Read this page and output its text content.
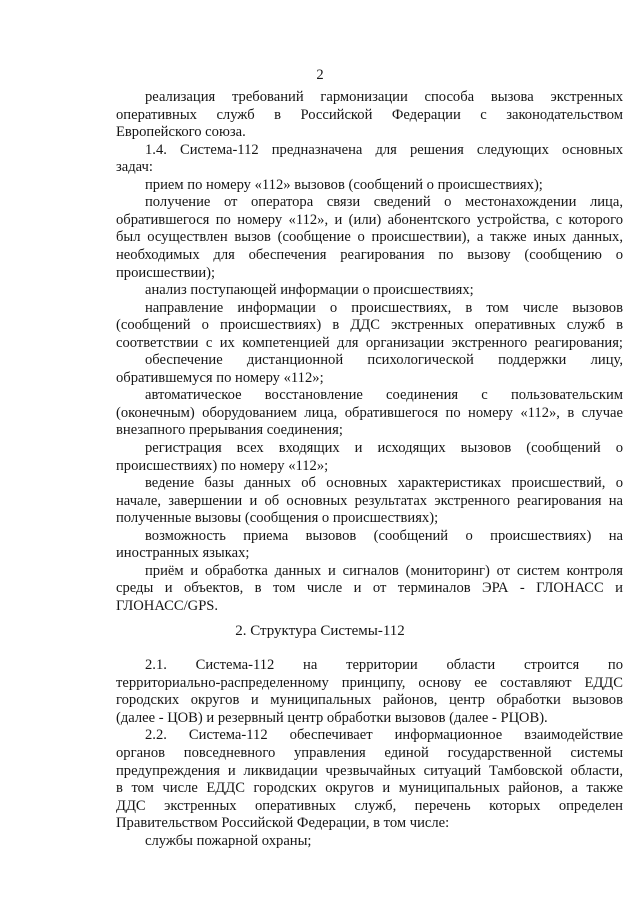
2
реализация требований гармонизации способа вызова экстренных
оперативных служб в Российской Федерации с законодательством
Европейского союза.
1.4. Система-112 предназначена для решения следующих основных
задач:
прием по номеру «112» вызовов (сообщений о происшествиях);
получение от оператора связи сведений о местонахождении лица,
обратившегося по номеру «112», и (или) абонентского устройства, с которого
был осуществлен вызов (сообщение о происшествии), а также иных данных,
необходимых для обеспечения реагирования по вызову (сообщению о
происшествии);
анализ поступающей информации о происшествиях;
направление информации о происшествиях, в том числе вызовов
(сообщений о происшествиях) в ДДС экстренных оперативных служб в
соответствии с их компетенцией для организации экстренного реагирования;
обеспечение дистанционной психологической поддержки лицу,
обратившемуся по номеру «112»;
автоматическое восстановление соединения с пользовательским
(оконечным) оборудованием лица, обратившегося по номеру «112», в случае
внезапного прерывания соединения;
регистрация всех входящих и исходящих вызовов (сообщений о
происшествиях) по номеру «112»;
ведение базы данных об основных характеристиках происшествий, о
начале, завершении и об основных результатах экстренного реагирования на
полученные вызовы (сообщения о происшествиях);
возможность приема вызовов (сообщений о происшествиях) на
иностранных языках;
приём и обработка данных и сигналов (мониторинг) от систем контроля
среды и объектов, в том числе и от терминалов ЭРА - ГЛОНАСС и
ГЛОНАСС/GPS.
2. Структура Системы-112
2.1. Система-112 на территории области строится по
территориально-распределенному принципу, основу ее составляют ЕДДС
городских округов и муниципальных районов, центр обработки вызовов
(далее - ЦОВ) и резервный центр обработки вызовов (далее - РЦОВ).
2.2. Система-112 обеспечивает информационное взаимодействие
органов повседневного управления единой государственной системы
предупреждения и ликвидации чрезвычайных ситуаций Тамбовской области,
в том числе ЕДДС городских округов и муниципальных районов, а также
ДДС экстренных оперативных служб, перечень которых определен
Правительством Российской Федерации, в том числе:
службы пожарной охраны;
